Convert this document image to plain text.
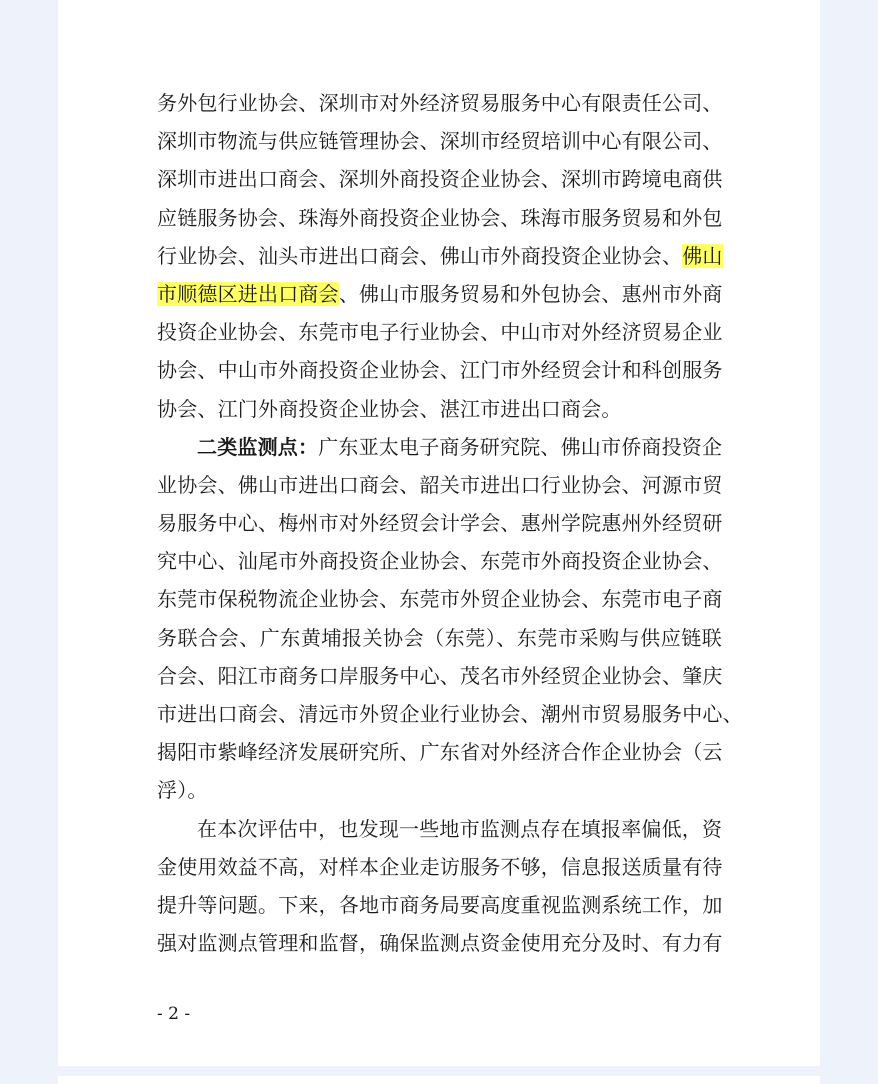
务外包行业协会、深圳市对外经济贸易服务中心有限责任公司、
深圳市物流与供应链管理协会、深圳市经贸培训中心有限公司、
深圳市进出口商会、深圳外商投资企业协会、深圳市跨境电商供
应链服务协会、珠海外商投资企业协会、珠海市服务贸易和外包
行业协会、汕头市进出口商会、佛山市外商投资企业协会、佛山
市顺德区进出口商会、佛山市服务贸易和外包协会、惠州市外商
投资企业协会、东莞市电子行业协会、中山市对外经济贸易企业
协会、中山市外商投资企业协会、江门市外经贸会计和科创服务
协会、江门外商投资企业协会、湛江市进出口商会。
二类监测点：广东亚太电子商务研究院、佛山市侨商投资企
业协会、佛山市进出口商会、韶关市进出口行业协会、河源市贸
易服务中心、梅州市对外经贸会计学会、惠州学院惠州外经贸研
究中心、汕尾市外商投资企业协会、东莞市外商投资企业协会、
东莞市保税物流企业协会、东莞市外贸企业协会、东莞市电子商
务联合会、广东黄埔报关协会（东莞）、东莞市采购与供应链联
合会、阳江市商务口岸服务中心、茂名市外经贸企业协会、肇庆
市进出口商会、清远市外贸企业行业协会、潮州市贸易服务中心、
揭阳市紫峰经济发展研究所、广东省对外经济合作企业协会（云
浮）。
在本次评估中，也发现一些地市监测点存在填报率偏低，资
金使用效益不高，对样本企业走访服务不够，信息报送质量有待
提升等问题。下来，各地市商务局要高度重视监测系统工作，加
强对监测点管理和监督，确保监测点资金使用充分及时、有力有
- 2 -
